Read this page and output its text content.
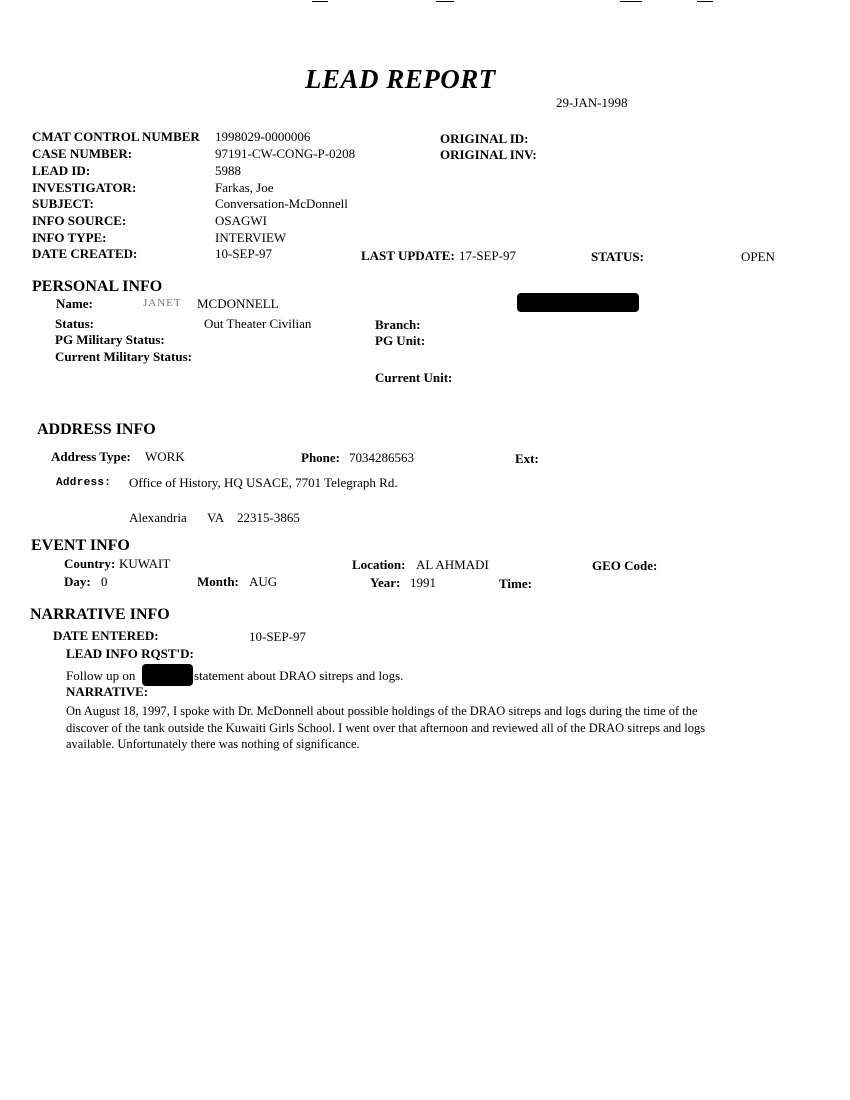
LEAD REPORT
29-JAN-1998
CMAT CONTROL NUMBER 1998029-0000006	ORIGINAL ID:
CASE NUMBER:	97191-CW-CONG-P-0208	ORIGINAL INV:
LEAD ID:	5988
INVESTIGATOR:	Farkas, Joe
SUBJECT:	Conversation-McDonnell
INFO SOURCE:	OSAGWI
INFO TYPE:	INTERVIEW
DATE CREATED:	10-SEP-97	LAST UPDATE: 17-SEP-97	STATUS:	OPEN
PERSONAL INFO
Name:	JANET MCDONNELL
Status:	Out Theater Civilian	Branch:
PG Military Status:	PG Unit:
Current Military Status:
Current Unit:
ADDRESS INFO
Address Type: WORK	Phone: 7034286563	Ext:
Address: Office of History, HQ USACE, 7701 Telegraph Rd.
Alexandria VA 22315-3865
EVENT INFO
Country: KUWAIT	Location: AL AHMADI	GEO Code:
Day: 0	Month: AUG	Year: 1991	Time:
NARRATIVE INFO
DATE ENTERED:	10-SEP-97
LEAD INFO RQST'D:
Follow up on	statement about DRAO sitreps and logs.
NARRATIVE:
On August 18, 1997, I spoke with Dr. McDonnell about possible holdings of the DRAO sitreps and logs during the time of the discover of the tank outside the Kuwaiti Girls School. I went over that afternoon and reviewed all of the DRAO sitreps and logs available. Unfortunately there was nothing of significance.
